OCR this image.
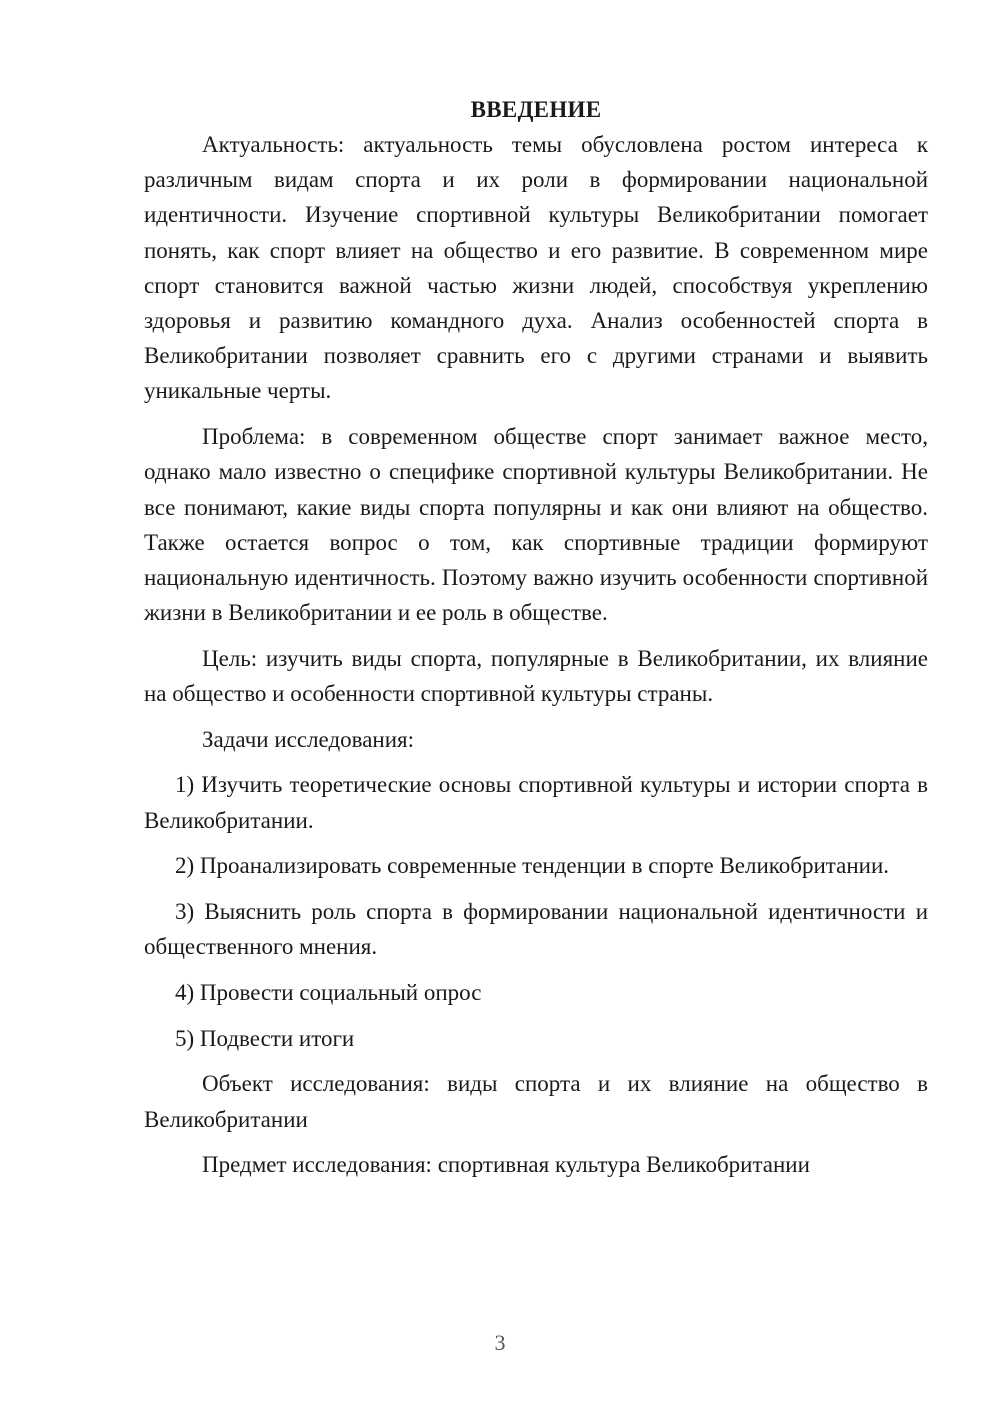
ВВЕДЕНИЕ

Актуальность: актуальность темы обусловлена ростом интереса к различным видам спорта и их роли в формировании национальной идентичности. Изучение спортивной культуры Великобритании помогает понять, как спорт влияет на общество и его развитие. В современном мире спорт становится важной частью жизни людей, способствуя укреплению здоровья и развитию командного духа. Анализ особенностей спорта в Великобритании позволяет сравнить его с другими странами и выявить уникальные черты.

Проблема: в современном обществе спорт занимает важное место, однако мало известно о специфике спортивной культуры Великобритании. Не все понимают, какие виды спорта популярны и как они влияют на общество. Также остается вопрос о том, как спортивные традиции формируют национальную идентичность. Поэтому важно изучить особенности спортивной жизни в Великобритании и ее роль в обществе.

Цель: изучить виды спорта, популярные в Великобритании, их влияние на общество и особенности спортивной культуры страны.

Задачи исследования:

1) Изучить теоретические основы спортивной культуры и истории спорта в Великобритании.

2) Проанализировать современные тенденции в спорте Великобритании.

3) Выяснить роль спорта в формировании национальной идентичности и общественного мнения.

4) Провести социальный опрос

5) Подвести итоги

Объект исследования: виды спорта и их влияние на общество в Великобритании

Предмет исследования: спортивная культура Великобритании

3
